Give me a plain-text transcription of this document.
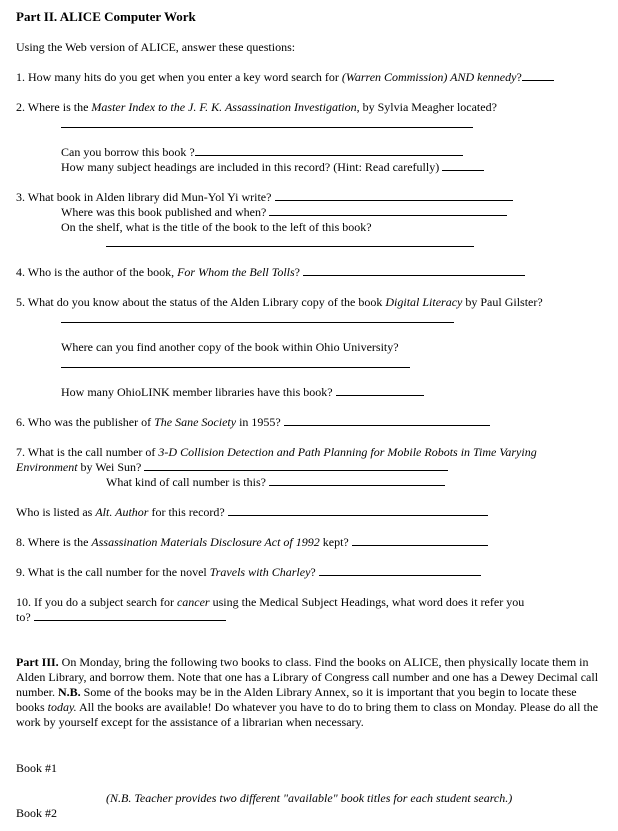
Part II. ALICE Computer Work
Using the Web version of ALICE, answer these questions:
1. How many hits do you get when you enter a key word search for (Warren Commission) AND kennedy?
2. Where is the Master Index to the J. F. K. Assassination Investigation, by Sylvia Meagher located?
Can you borrow this book ?
How many subject headings are included in this record? (Hint: Read carefully)
3. What book in Alden library did Mun-Yol Yi write?
Where was this book published and when?
On the shelf, what is the title of the book to the left of this book?
4. Who is the author of the book, For Whom the Bell Tolls?
5. What do you know about the status of the Alden Library copy of the book Digital Literacy by Paul Gilster?
Where can you find another copy of the book within Ohio University?
How many OhioLINK member libraries have this book?
6. Who was the publisher of The Sane Society in 1955?
7. What is the call number of 3-D Collision Detection and Path Planning for Mobile Robots in Time Varying
Environment by Wei Sun?
What kind of call number is this?
Who is listed as Alt. Author for this record?
8. Where is the Assassination Materials Disclosure Act of 1992 kept?
9. What is the call number for the novel Travels with Charley?
10. If you do a subject search for cancer using the Medical Subject Headings, what word does it refer you
to?
Part III. On Monday, bring the following two books to class. Find the books on ALICE, then physically locate them in Alden Library, and borrow them. Note that one has a Library of Congress call number and one has a Dewey Decimal call number. N.B. Some of the books may be in the Alden Library Annex, so it is important that you begin to locate these books today. All the books are available! Do whatever you have to do to bring them to class on Monday. Please do all the work by yourself except for the assistance of a librarian when necessary.
Book #1
(N.B. Teacher provides two different "available" book titles for each student search.)
Book #2
